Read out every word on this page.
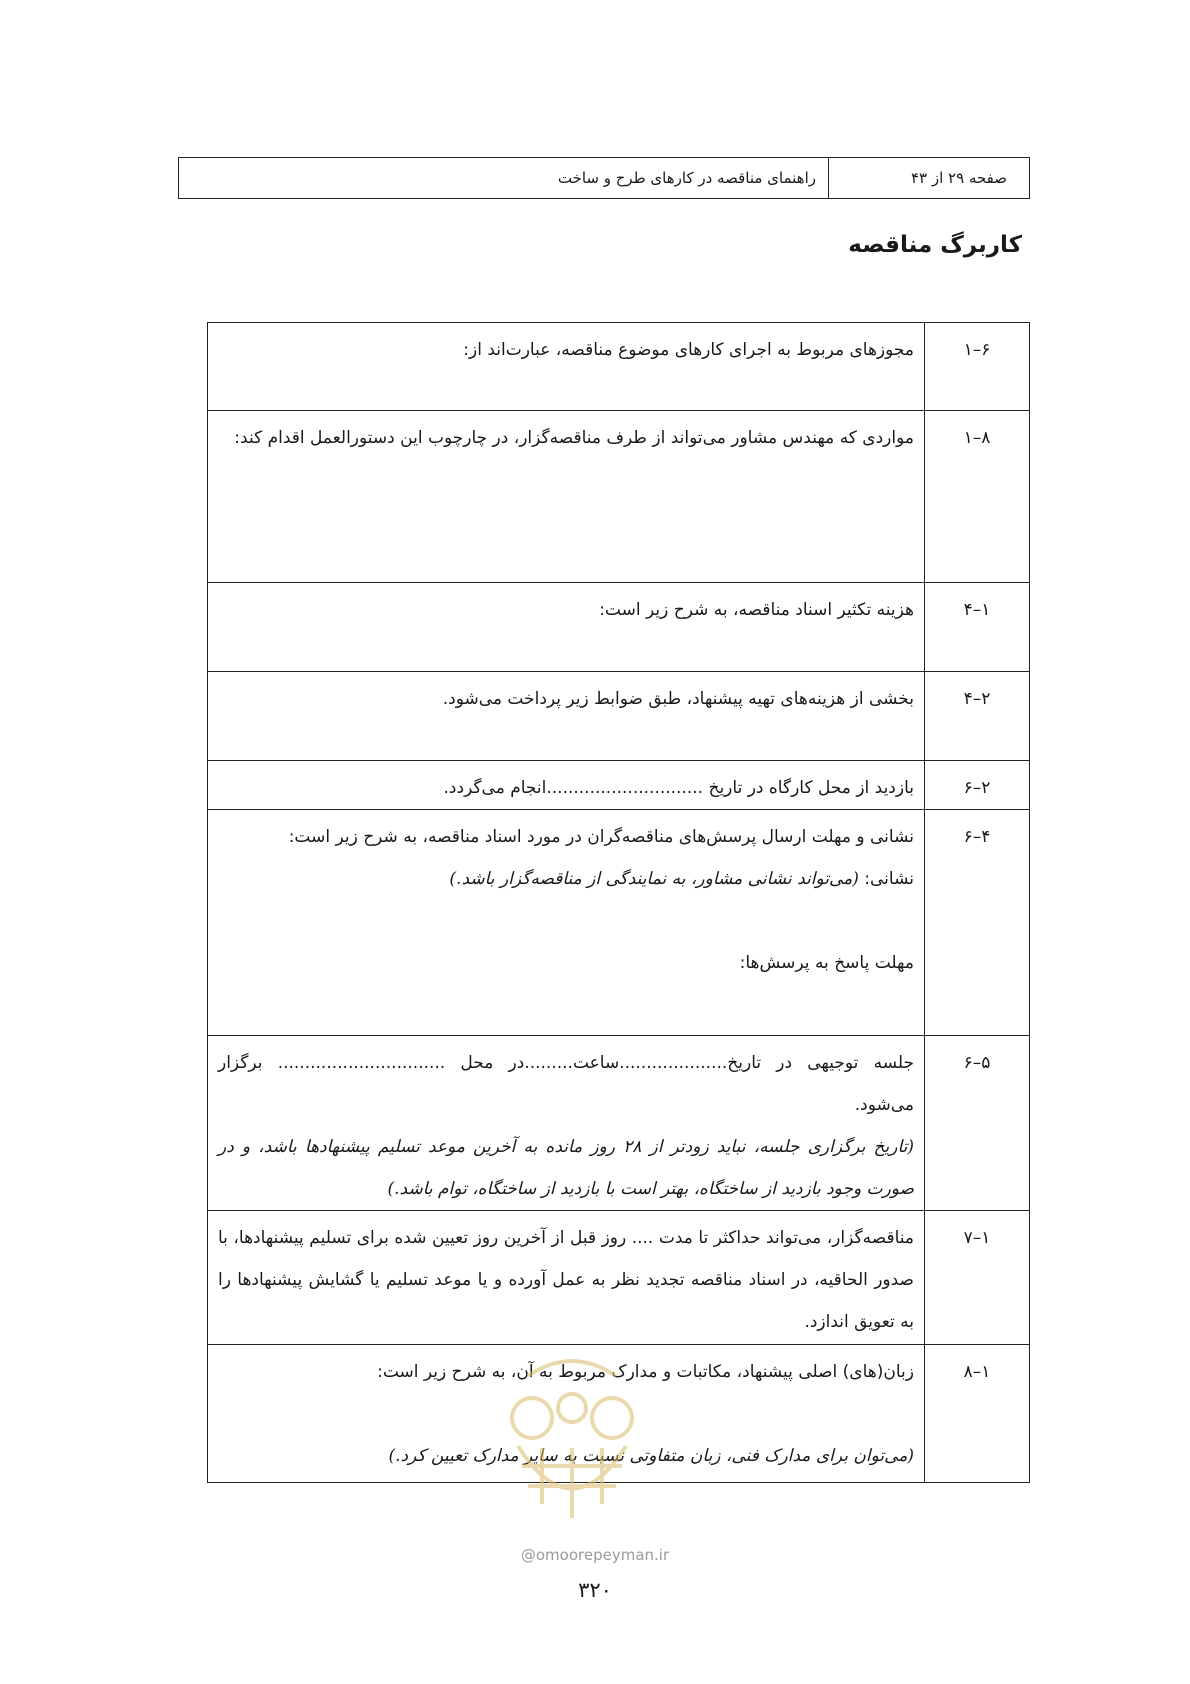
صفحه ۲۹ از ۴۳
راهنمای مناقصه در کارهای طرح و ساخت
کاربرگ مناقصه
۱–۶	مجوزهای مربوط به اجرای کارهای موضوع مناقصه، عبارت‌اند از:

۱–۸	مواردی که مهندس مشاور می‌تواند از طرف مناقصه‌گزار، در چارچوب این دستورالعمل اقدام کند:

۴–۱	هزینه تکثیر اسناد مناقصه، به شرح زیر است:

۴–۲	بخشی از هزینه‌های تهیه پیشنهاد، طبق ضوابط زیر پرداخت می‌شود.

۶–۲	بازدید از محل کارگاه در تاریخ .............................انجام می‌گردد.

۶–۴	نشانی و مهلت ارسال پرسش‌های مناقصه‌گران در مورد اسناد مناقصه، به شرح زیر است:
نشانی: (می‌تواند نشانی مشاور، به نمایندگی از مناقصه‌گزار باشد.)
مهلت پاسخ به پرسش‌ها:

۶–۵	جلسه توجیهی در تاریخ....................ساعت.........در محل ............................... برگزار می‌شود.
(تاریخ برگزاری جلسه، نباید زودتر از ۲۸ روز مانده به آخرین موعد تسلیم پیشنهادها باشد، و در صورت وجود بازدید از ساختگاه، بهتر است با بازدید از ساختگاه، توام باشد.)

۷–۱	مناقصه‌گزار، می‌تواند حداکثر تا مدت .... روز قبل از آخرین روز تعیین شده برای تسلیم پیشنهادها، با صدور الحاقیه، در اسناد مناقصه تجدید نظر به عمل آورده و یا موعد تسلیم یا گشایش پیشنهادها را به تعویق اندازد.

۸–۱	زبان(های) اصلی پیشنهاد، مکاتبات و مدارک مربوط به آن، به شرح زیر است:
(می‌توان برای مدارک فنی، زبان متفاوتی نسبت به سایر مدارک تعیین کرد.)
@omoorepeyman.ir
۳۲۰
